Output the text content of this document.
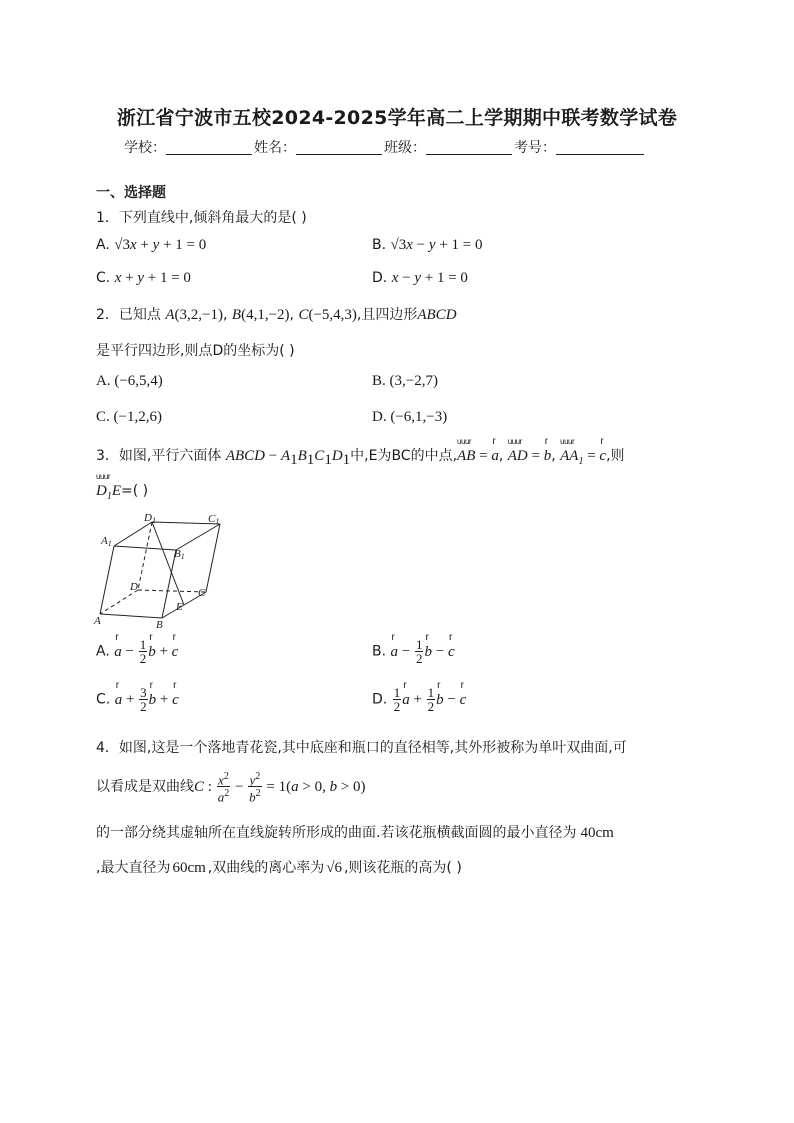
浙江省宁波市五校2024-2025学年高二上学期期中联考数学试卷
学校：	姓名：	班级：	考号：
一、选择题
1．下列直线中,倾斜角最大的是( )
A. √3x + y + 1 = 0	B. √3x − y + 1 = 0
C. x + y + 1 = 0	D. x − y + 1 = 0
2．已知点 A(3,2,−1), B(4,1,−2), C(−5,4,3),且四边形ABCD
是平行四边形,则点D的坐标为( )
A. (−6,5,4)	B. (3,−2,7)
C. (−1,2,6)	D. (−6,1,−3)
3．如图,平行六面体 ABCD − $A_1B_1C_1D_1$中,E为BC的中点,uuur AB = r a, uuur AD = r b, uuur $AA_1 = r$ c,则
uuur $D_1E=$( )
D1	C1
A1
B1
D	C
A	B
E
A. r $a - \frac{1}{2}$ r b + r c	B. r $a - \frac{1}{2}$ r b − r c
C. r $a + \frac{3}{2}$ r b + r c	D. $\frac{1}{2}$ r $a + \frac{1}{2}$ r b − r c
4．如图,这是一个落地青花瓷,其中底座和瓶口的直径相等,其外形被称为单叶双曲面,可
以看成是双曲线C : $\frac{x^2}{a^2} - \frac{y^2}{b^2} = 1(a > 0$, b > 0)
的一部分绕其虚轴所在直线旋转所形成的曲面.若该花瓶横截面圆的最小直径为 40cm
,最大直径为 60cm ,双曲线的离心率为 √6 ,则该花瓶的高为( )
